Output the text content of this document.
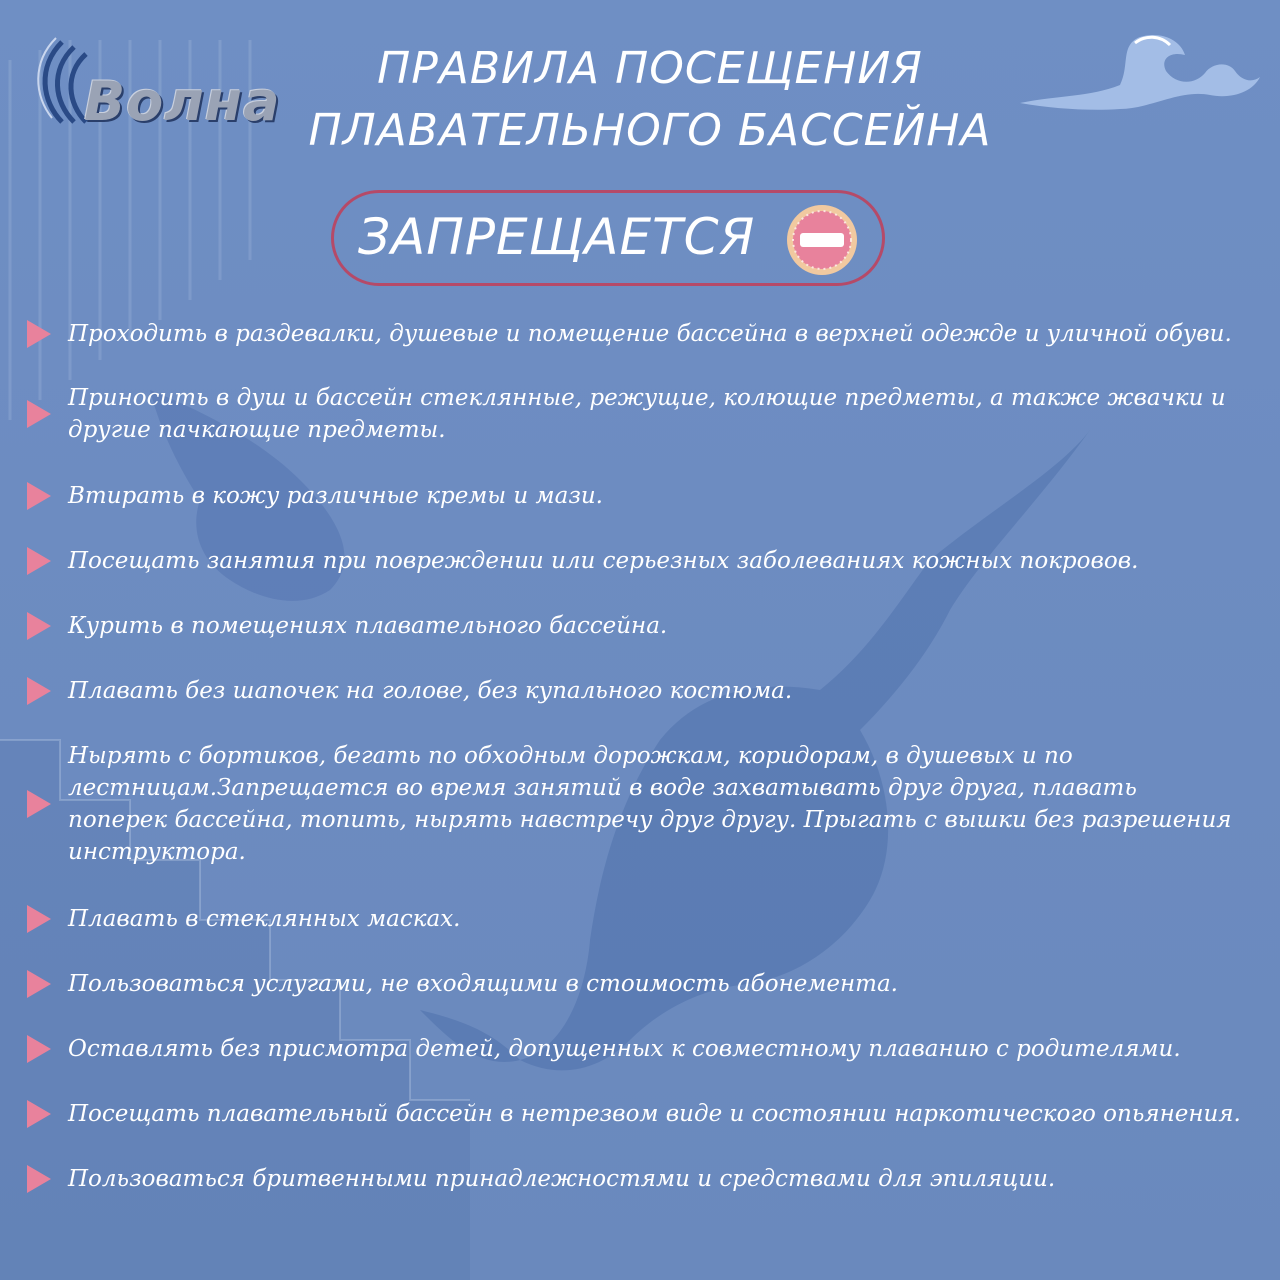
Волна
ПРАВИЛА ПОСЕЩЕНИЯ
ПЛАВАТЕЛЬНОГО БАССЕЙНА
ЗАПРЕЩАЕТСЯ
Проходить в раздевалки, душевые и помещение бассейна в верхней одежде и уличной обуви.
Приносить в душ и бассейн стеклянные, режущие, колющие предметы, а также жвачки и другие пачкающие предметы.
Втирать в кожу различные кремы и мази.
Посещать занятия при повреждении или серьезных заболеваниях кожных покровов.
Курить в помещениях плавательного бассейна.
Плавать без шапочек на голове, без купального костюма.
Нырять с бортиков, бегать по обходным дорожкам, коридорам, в душевых и по лестницам.Запрещается во время занятий в воде захватывать друг друга, плавать поперек бассейна, топить, нырять навстречу друг другу. Прыгать с вышки без разрешения инструктора.
Плавать в стеклянных масках.
Пользоваться услугами, не входящими в стоимость абонемента.
Оставлять без присмотра детей, допущенных к совместному плаванию с родителями.
Посещать плавательный бассейн в нетрезвом виде и состоянии наркотического опьянения.
Пользоваться бритвенными принадлежностями и средствами для эпиляции.
